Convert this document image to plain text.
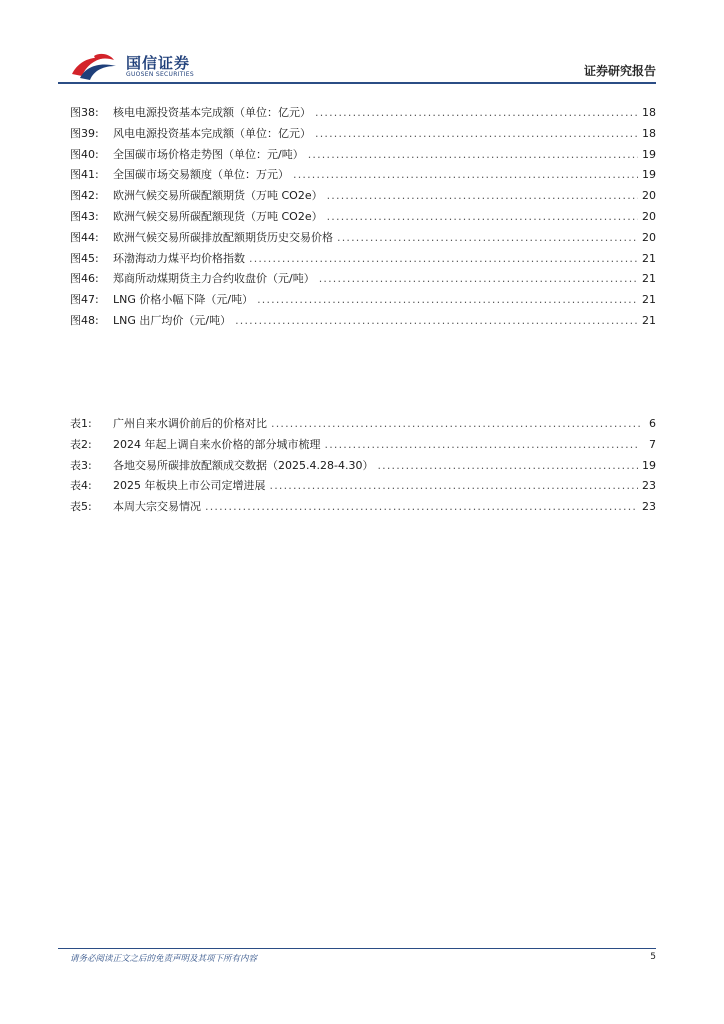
国信证券
GUOSEN SECURITIES	证券研究报告
图38:	核电电源投资基本完成额（单位：亿元） .....	18
图39:	风电电源投资基本完成额（单位：亿元） .....	18
图40:	全国碳市场价格走势图（单位：元/吨） .....	19
图41:	全国碳市场交易额度（单位：万元） .....	19
图42:	欧洲气候交易所碳配额期货（万吨 CO2e） .....	20
图43:	欧洲气候交易所碳配额现货（万吨 CO2e） .....	20
图44:	欧洲气候交易所碳排放配额期货历史交易价格 .....	20
图45:	环渤海动力煤平均价格指数 .....	21
图46:	郑商所动煤期货主力合约收盘价（元/吨） .....	21
图47:	LNG 价格小幅下降（元/吨） .....	21
图48:	LNG 出厂均价（元/吨） .....	21
表1:	广州自来水调价前后的价格对比 .....	6
表2:	2024 年起上调自来水价格的部分城市梳理 .....	7
表3:	各地交易所碳排放配额成交数据（2025.4.28-4.30） .....	19
表4:	2025 年板块上市公司定增进展 .....	23
表5:	本周大宗交易情况 .....	23
请务必阅读正文之后的免责声明及其项下所有内容	5
